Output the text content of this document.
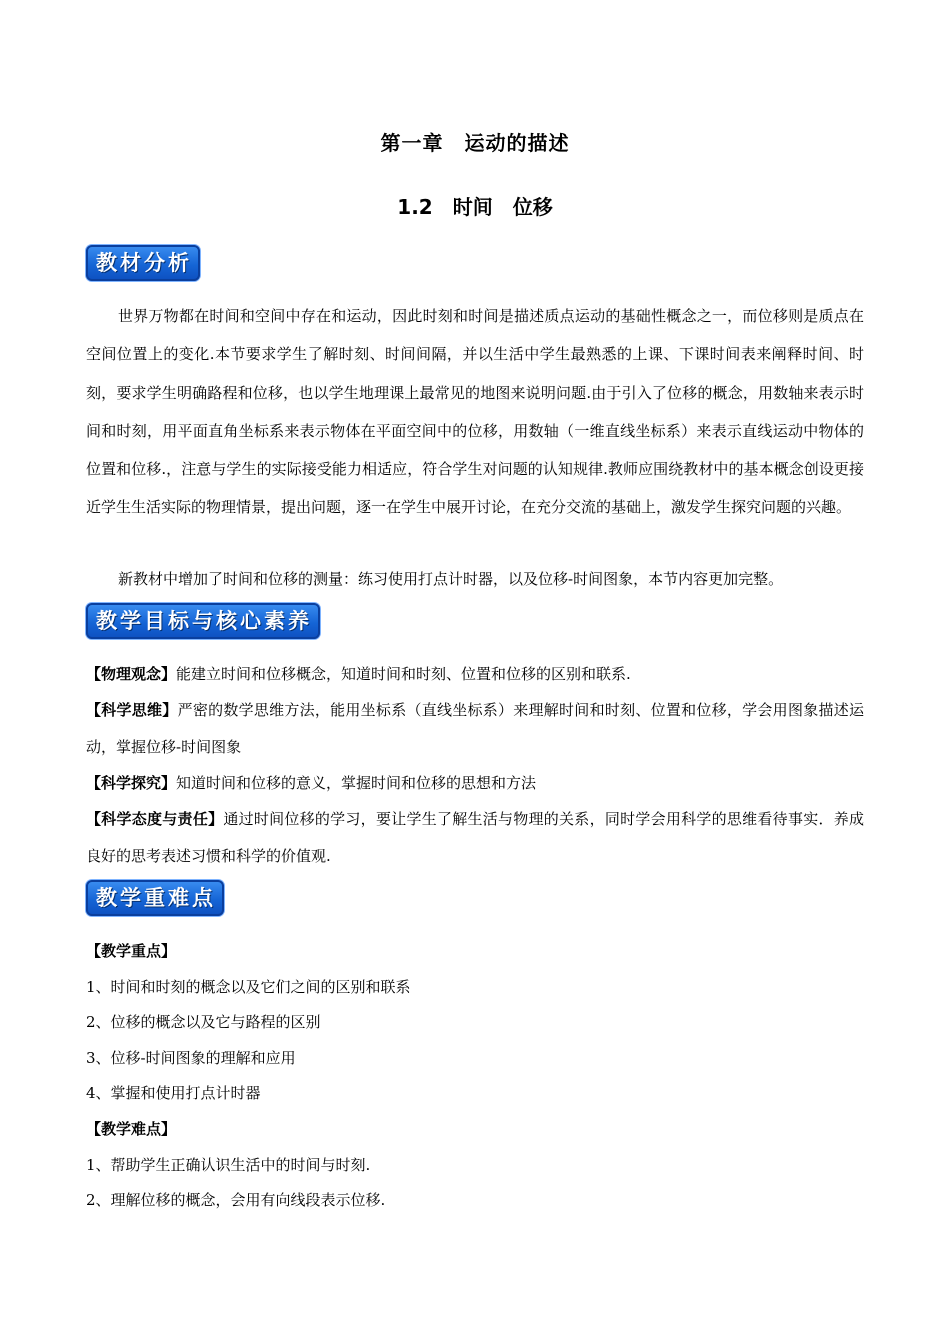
第一章　运动的描述
1.2　时间　位移
教材分析
世界万物都在时间和空间中存在和运动，因此时刻和时间是描述质点运动的基础性概念之一，而位移则是质点在空间位置上的变化.本节要求学生了解时刻、时间间隔，并以生活中学生最熟悉的上课、下课时间表来阐释时间、时刻，要求学生明确路程和位移，也以学生地理课上最常见的地图来说明问题.由于引入了位移的概念，用数轴来表示时间和时刻，用平面直角坐标系来表示物体在平面空间中的位移，用数轴（一维直线坐标系）来表示直线运动中物体的位置和位移.，注意与学生的实际接受能力相适应，符合学生对问题的认知规律.教师应围绕教材中的基本概念创设更接近学生生活实际的物理情景，提出问题，逐一在学生中展开讨论，在充分交流的基础上，激发学生探究问题的兴趣。
新教材中增加了时间和位移的测量：练习使用打点计时器，以及位移-时间图象，本节内容更加完整。
教学目标与核心素养
【物理观念】能建立时间和位移概念，知道时间和时刻、位置和位移的区别和联系.
【科学思维】严密的数学思维方法，能用坐标系（直线坐标系）来理解时间和时刻、位置和位移，学会用图象描述运动，掌握位移-时间图象
【科学探究】知道时间和位移的意义，掌握时间和位移的思想和方法
【科学态度与责任】通过时间位移的学习，要让学生了解生活与物理的关系，同时学会用科学的思维看待事实．养成良好的思考表述习惯和科学的价值观.
教学重难点
【教学重点】
1、时间和时刻的概念以及它们之间的区别和联系
2、位移的概念以及它与路程的区别
3、位移-时间图象的理解和应用
4、掌握和使用打点计时器
【教学难点】
1、帮助学生正确认识生活中的时间与时刻.
2、理解位移的概念，会用有向线段表示位移.
